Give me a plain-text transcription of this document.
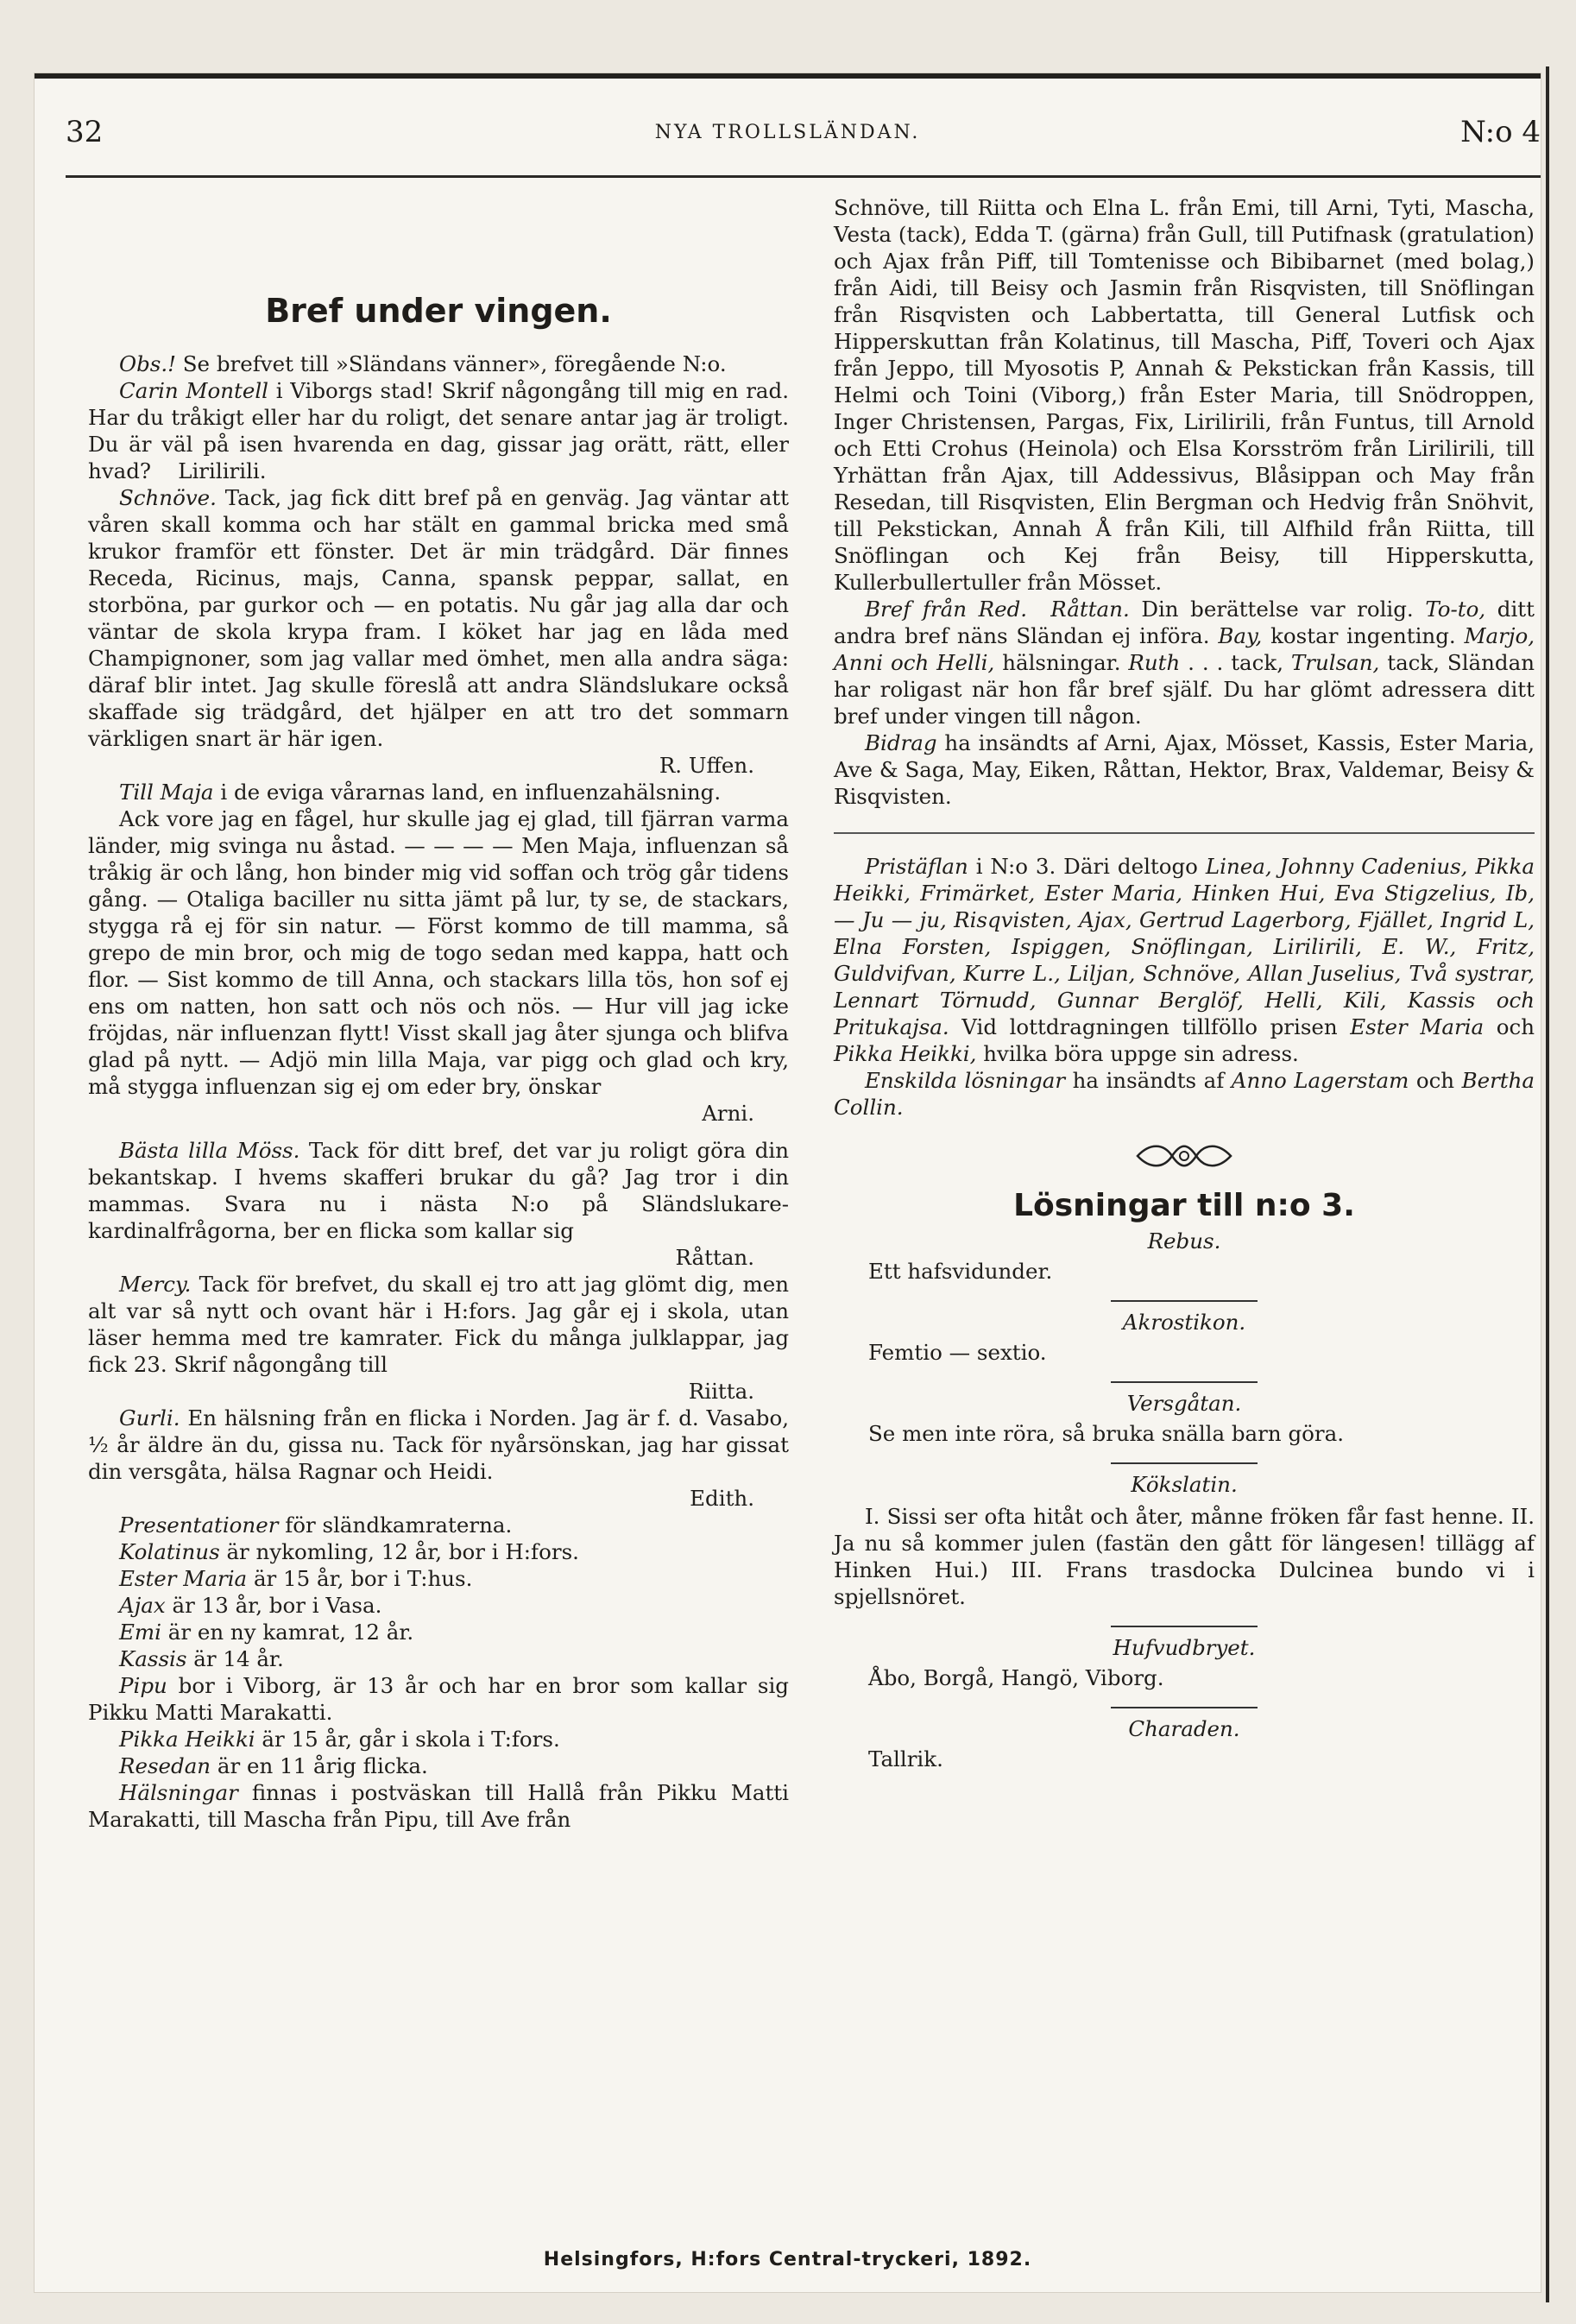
32	NYA TROLLSLÄNDAN.	N:o 4
Bref under vingen.

Obs.! Se brefvet till »Sländans vänner», föregående N:o.

Carin Montell i Viborgs stad! Skrif någongång till mig en rad. Har du tråkigt eller har du roligt, det senare antar jag är troligt. Du är väl på isen hvarenda en dag, gissar jag orätt, rätt, eller hvad? Lirilirili.

Schnöve. Tack, jag fick ditt bref på en genväg. Jag väntar att våren skall komma och har stält en gammal bricka med små krukor framför ett fönster. Det är min trädgård. Där finnes Receda, Ricinus, majs, Canna, spansk peppar, sallat, en storböna, par gurkor och — en potatis. Nu går jag alla dar och väntar de skola krypa fram. I köket har jag en låda med Champignoner, som jag vallar med ömhet, men alla andra säga: däraf blir intet. Jag skulle föreslå att andra Sländslukare också skaffade sig trädgård, det hjälper en att tro det sommarn värkligen snart är här igen.
R. Uffen.

Till Maja i de eviga vårarnas land, en influenzahälsning.

Ack vore jag en fågel, hur skulle jag ej glad, till fjärran varma länder, mig svinga nu åstad. — — — — Men Maja, influenzan så tråkig är och lång, hon binder mig vid soffan och trög går tidens gång. — Otaliga baciller nu sitta jämt på lur, ty se, de stackars, stygga rå ej för sin natur. — Först kommo de till mamma, så grepo de min bror, och mig de togo sedan med kappa, hatt och flor. — Sist kommo de till Anna, och stackars lilla tös, hon sof ej ens om natten, hon satt och nös och nös. — Hur vill jag icke fröjdas, när influenzan flytt! Visst skall jag åter sjunga och blifva glad på nytt. — Adjö min lilla Maja, var pigg och glad och kry, må stygga influenzan sig ej om eder bry, önskar
Arni.

Bästa lilla Möss. Tack för ditt bref, det var ju roligt göra din bekantskap. I hvems skafferi brukar du gå? Jag tror i din mammas. Svara nu i nästa N:o på Sländslukare-kardinalfrågorna, ber en flicka som kallar sig
Råttan.

Mercy. Tack för brefvet, du skall ej tro att jag glömt dig, men alt var så nytt och ovant här i H:fors. Jag går ej i skola, utan läser hemma med tre kamrater. Fick du många julklappar, jag fick 23. Skrif någongång till
Riitta.

Gurli. En hälsning från en flicka i Norden. Jag är f. d. Vasabo, ½ år äldre än du, gissa nu. Tack för nyårsönskan, jag har gissat din versgåta, hälsa Ragnar och Heidi.
Edith.

Presentationer för sländkamraterna.

Kolatinus är nykomling, 12 år, bor i H:fors.

Ester Maria är 15 år, bor i T:hus.

Ajax är 13 år, bor i Vasa.

Emi är en ny kamrat, 12 år.

Kassis är 14 år.

Pipu bor i Viborg, är 13 år och har en bror som kallar sig Pikku Matti Marakatti.

Pikka Heikki är 15 år, går i skola i T:fors.

Resedan är en 11 årig flicka.

Hälsningar finnas i postväskan till Hallå från Pikku Matti Marakatti, till Mascha från Pipu, till Ave från

Schnöve, till Riitta och Elna L. från Emi, till Arni, Tyti, Mascha, Vesta (tack), Edda T. (gärna) från Gull, till Putifnask (gratulation) och Ajax från Piff, till Tomtenisse och Bibibarnet (med bolag,) från Aidi, till Beisy och Jasmin från Risqvisten, till Snöflingan från Risqvisten och Labbertatta, till General Lutfisk och Hipperskuttan från Kolatinus, till Mascha, Piff, Toveri och Ajax från Jeppo, till Myosotis P, Annah & Pekstickan från Kassis, till Helmi och Toini (Viborg,) från Ester Maria, till Snödroppen, Inger Christensen, Pargas, Fix, Lirilirili, från Funtus, till Arnold och Etti Crohus (Heinola) och Elsa Korsström från Lirilirili, till Yrhättan från Ajax, till Addessivus, Blåsippan och May från Resedan, till Risqvisten, Elin Bergman och Hedvig från Snöhvit, till Pekstickan, Annah Å från Kili, till Alfhild från Riitta, till Snöflingan och Kej från Beisy, till Hipperskutta, Kullerbullertuller från Mösset.

Bref från Red. Råttan. Din berättelse var rolig. To-to, ditt andra bref näns Sländan ej införa. Bay, kostar ingenting. Marjo, Anni och Helli, hälsningar. Ruth . . . tack, Trulsan, tack, Sländan har roligast när hon får bref själf. Du har glömt adressera ditt bref under vingen till någon.

Bidrag ha insändts af Arni, Ajax, Mösset, Kassis, Ester Maria, Ave & Saga, May, Eiken, Råttan, Hektor, Brax, Valdemar, Beisy & Risqvisten.

Pristäflan i N:o 3. Däri deltogo Linea, Johnny Cadenius, Pikka Heikki, Frimärket, Ester Maria, Hinken Hui, Eva Stigzelius, Ib, — Ju — ju, Risqvisten, Ajax, Gertrud Lagerborg, Fjället, Ingrid L, Elna Forsten, Ispiggen, Snöflingan, Lirilirili, E. W., Fritz, Guldvifvan, Kurre L., Liljan, Schnöve, Allan Juselius, Två systrar, Lennart Törnudd, Gunnar Berglöf, Helli, Kili, Kassis och Pritukajsa. Vid lottdragningen tillföllo prisen Ester Maria och Pikka Heikki, hvilka böra uppge sin adress.

Enskilda lösningar ha insändts af Anno Lagerstam och Bertha Collin.

Lösningar till n:o 3.
Rebus.
Ett hafsvidunder.
Akrostikon.
Femtio — sextio.
Versgåtan.
Se men inte röra, så bruka snälla barn göra.
Kökslatin.

I. Sissi ser ofta hitåt och åter, månne fröken får fast henne. II. Ja nu så kommer julen (fastän den gått för längesen! tillägg af Hinken Hui.) III. Frans trasdocka Dulcinea bundo vi i spjellsnöret.

Hufvudbryet.
Åbo, Borgå, Hangö, Viborg.
Charaden.
Tallrik.
Helsingfors, H:fors Central-tryckeri, 1892.
